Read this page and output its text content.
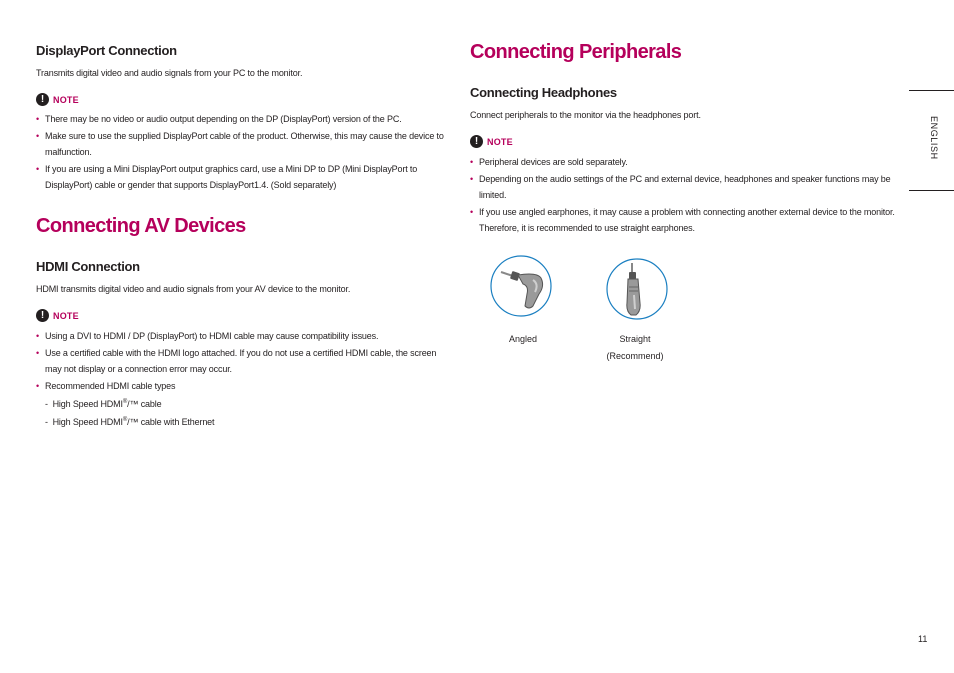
DisplayPort Connection
Transmits digital video and audio signals from your PC to the monitor.
! NOTE
• There may be no video or audio output depending on the DP (DisplayPort) version of the PC.
• Make sure to use the supplied DisplayPort cable of the product. Otherwise, this may cause the device to malfunction.
• If you are using a Mini DisplayPort output graphics card, use a Mini DP to DP (Mini DisplayPort to DisplayPort) cable or gender that supports DisplayPort1.4. (Sold separately)
Connecting AV Devices
HDMI Connection
HDMI transmits digital video and audio signals from your AV device to the monitor.
! NOTE
• Using a DVI to HDMI / DP (DisplayPort) to HDMI cable may cause compatibility issues.
• Use a certified cable with the HDMI logo attached. If you do not use a certified HDMI cable, the screen may not display or a connection error may occur.
• Recommended HDMI cable types
-  High Speed HDMI®/™ cable
-  High Speed HDMI®/™ cable with Ethernet
Connecting Peripherals
Connecting Headphones
Connect peripherals to the monitor via the headphones port.
! NOTE
• Peripheral devices are sold separately.
• Depending on the audio settings of the PC and external device, headphones and speaker functions may be limited.
• If you use angled earphones, it may cause a problem with connecting another external device to the monitor. Therefore, it is recommended to use straight earphones.
Angled	Straight
(Recommend)
ENGLISH
11
